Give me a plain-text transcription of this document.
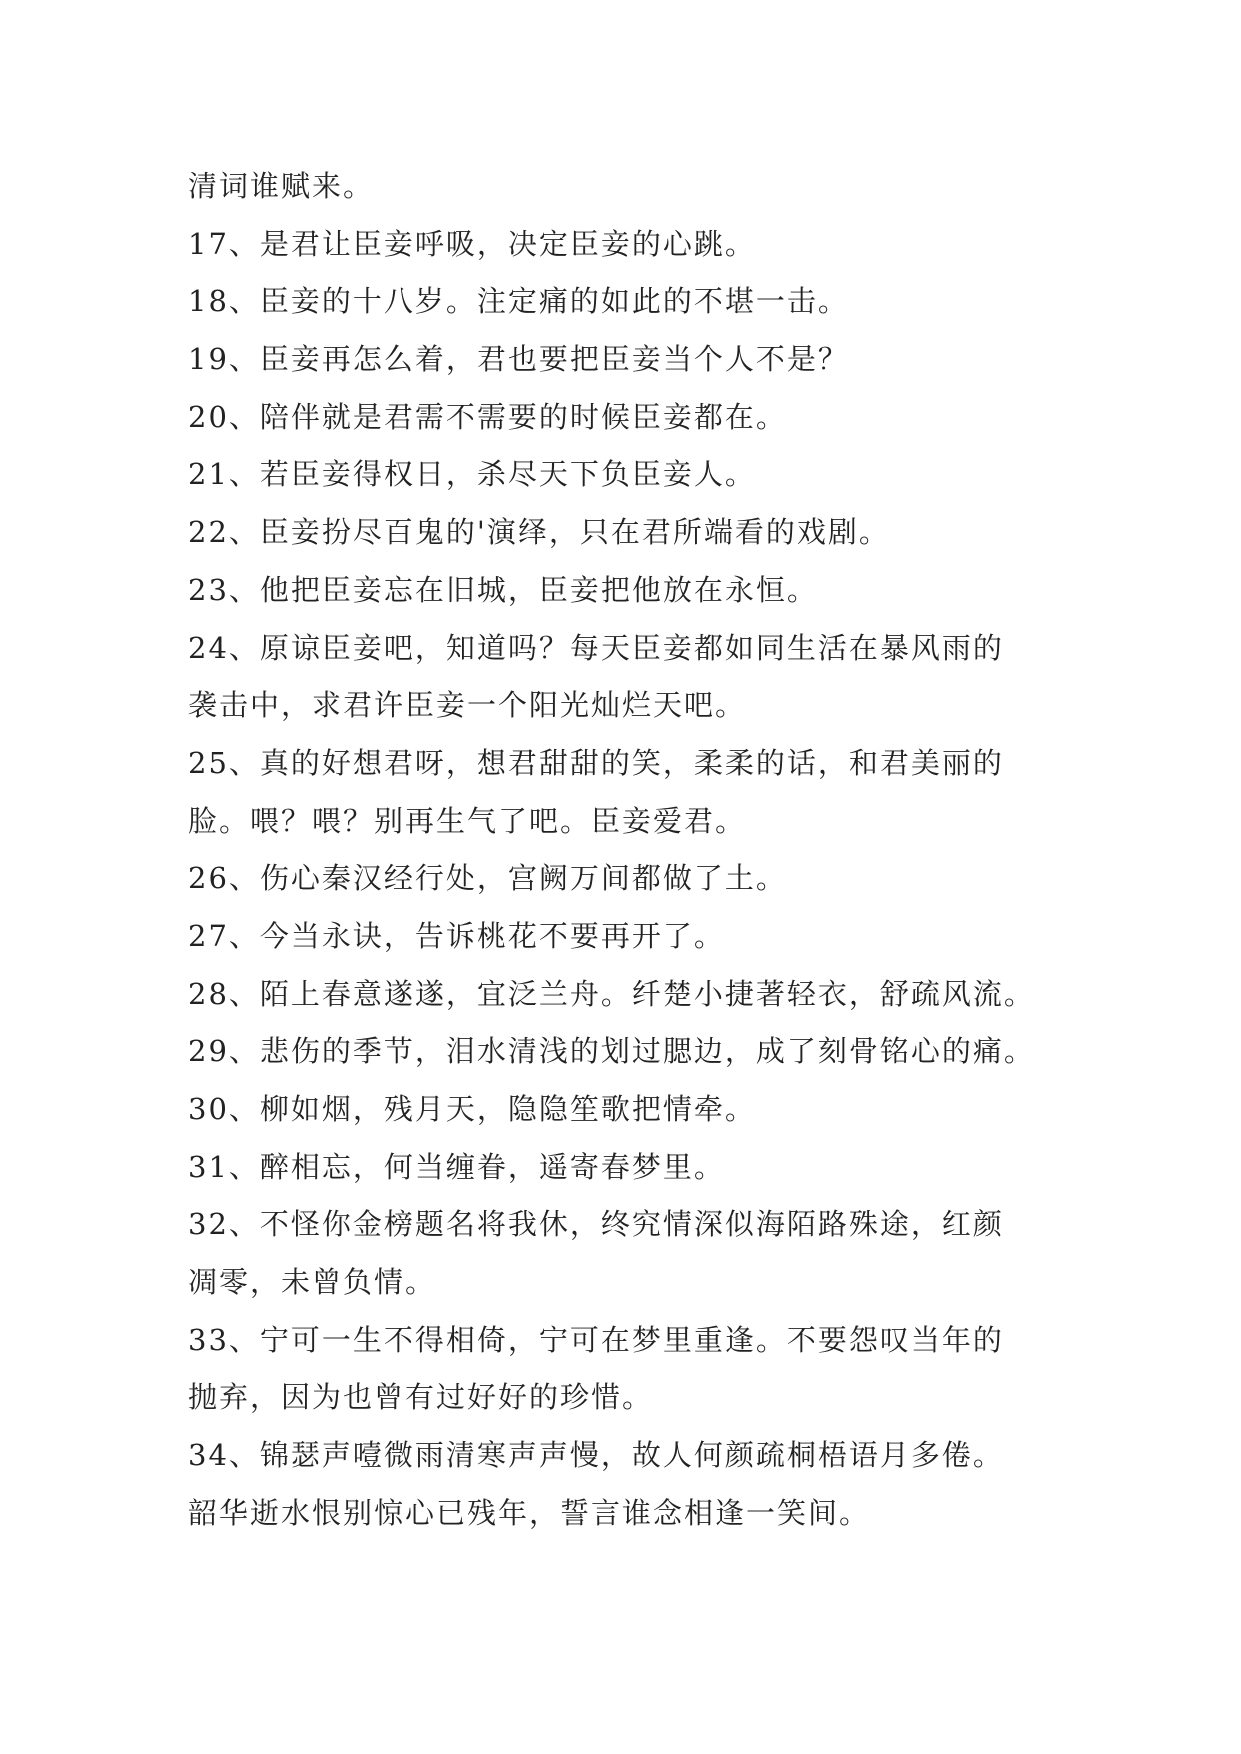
清词谁赋来。
17、是君让臣妾呼吸，决定臣妾的心跳。
18、臣妾的十八岁。注定痛的如此的不堪一击。
19、臣妾再怎么着，君也要把臣妾当个人不是？
20、陪伴就是君需不需要的时候臣妾都在。
21、若臣妾得权日，杀尽天下负臣妾人。
22、臣妾扮尽百鬼的'演绎，只在君所端看的戏剧。
23、他把臣妾忘在旧城，臣妾把他放在永恒。
24、原谅臣妾吧，知道吗？每天臣妾都如同生活在暴风雨的
袭击中，求君许臣妾一个阳光灿烂天吧。
25、真的好想君呀，想君甜甜的笑，柔柔的话，和君美丽的
脸。喂？喂？别再生气了吧。臣妾爱君。
26、伤心秦汉经行处，宫阙万间都做了土。
27、今当永诀，告诉桃花不要再开了。
28、陌上春意遂遂，宜泛兰舟。纤楚小捷著轻衣，舒疏风流。
29、悲伤的季节，泪水清浅的划过腮边，成了刻骨铭心的痛。
30、柳如烟，残月天，隐隐笙歌把情牵。
31、醉相忘，何当缠眷，遥寄春梦里。
32、不怪你金榜题名将我休，终究情深似海陌路殊途，红颜
凋零，未曾负情。
33、宁可一生不得相倚，宁可在梦里重逢。不要怨叹当年的
抛弃，因为也曾有过好好的珍惜。
34、锦瑟声噎微雨清寒声声慢，故人何颜疏桐梧语月多倦。
韶华逝水恨别惊心已残年，誓言谁念相逢一笑间。
